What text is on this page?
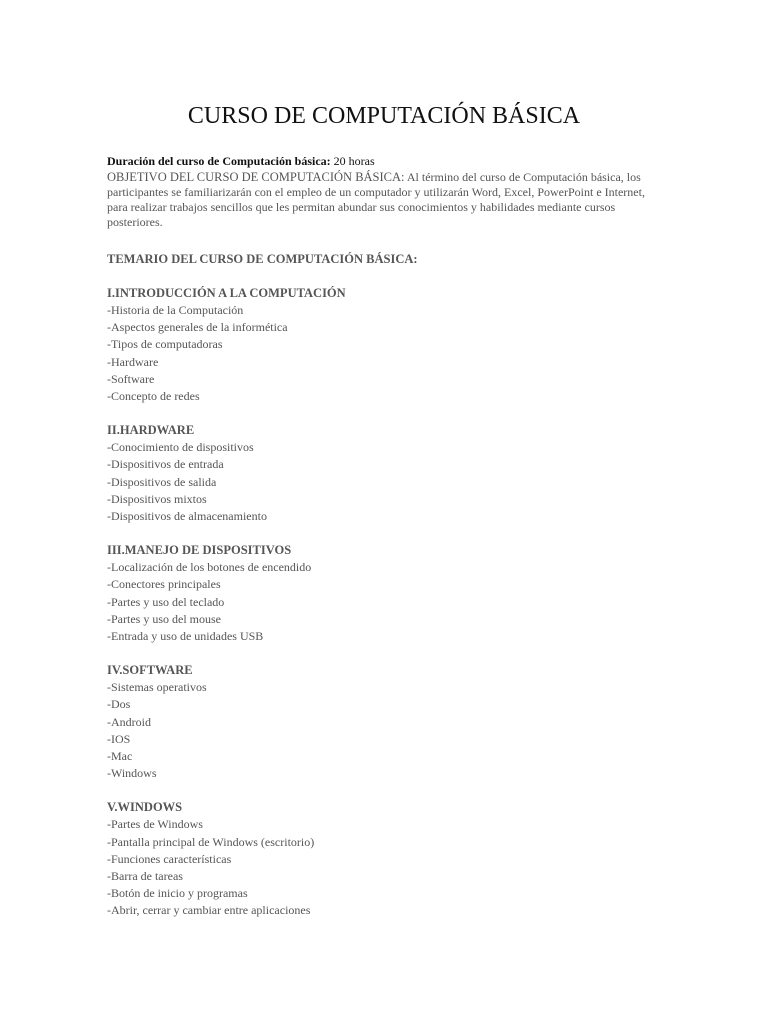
CURSO DE COMPUTACIÓN BÁSICA

Duración del curso de Computación básica: 20 horas

OBJETIVO DEL CURSO DE COMPUTACIÓN BÁSICA: Al término del curso de Computación básica, los participantes se familiarizarán con el empleo de un computador y utilizarán Word, Excel, PowerPoint e Internet, para realizar trabajos sencillos que les permitan abundar sus conocimientos y habilidades mediante cursos posteriores.

TEMARIO DEL CURSO DE COMPUTACIÓN BÁSICA:

I.INTRODUCCIÓN A LA COMPUTACIÓN

-Historia de la Computación
-Aspectos generales de la informética
-Tipos de computadoras
-Hardware
-Software
-Concepto de redes

II.HARDWARE

-Conocimiento de dispositivos
-Dispositivos de entrada
-Dispositivos de salida
-Dispositivos mixtos
-Dispositivos de almacenamiento

III.MANEJO DE DISPOSITIVOS

-Localización de los botones de encendido
-Conectores principales
-Partes y uso del teclado
-Partes y uso del mouse
-Entrada y uso de unidades USB

IV.SOFTWARE

-Sistemas operativos
-Dos
-Android
-IOS
-Mac
-Windows

V.WINDOWS

-Partes de Windows
-Pantalla principal de Windows (escritorio)
-Funciones características
-Barra de tareas
-Botón de inicio y programas
-Abrir, cerrar y cambiar entre aplicaciones
